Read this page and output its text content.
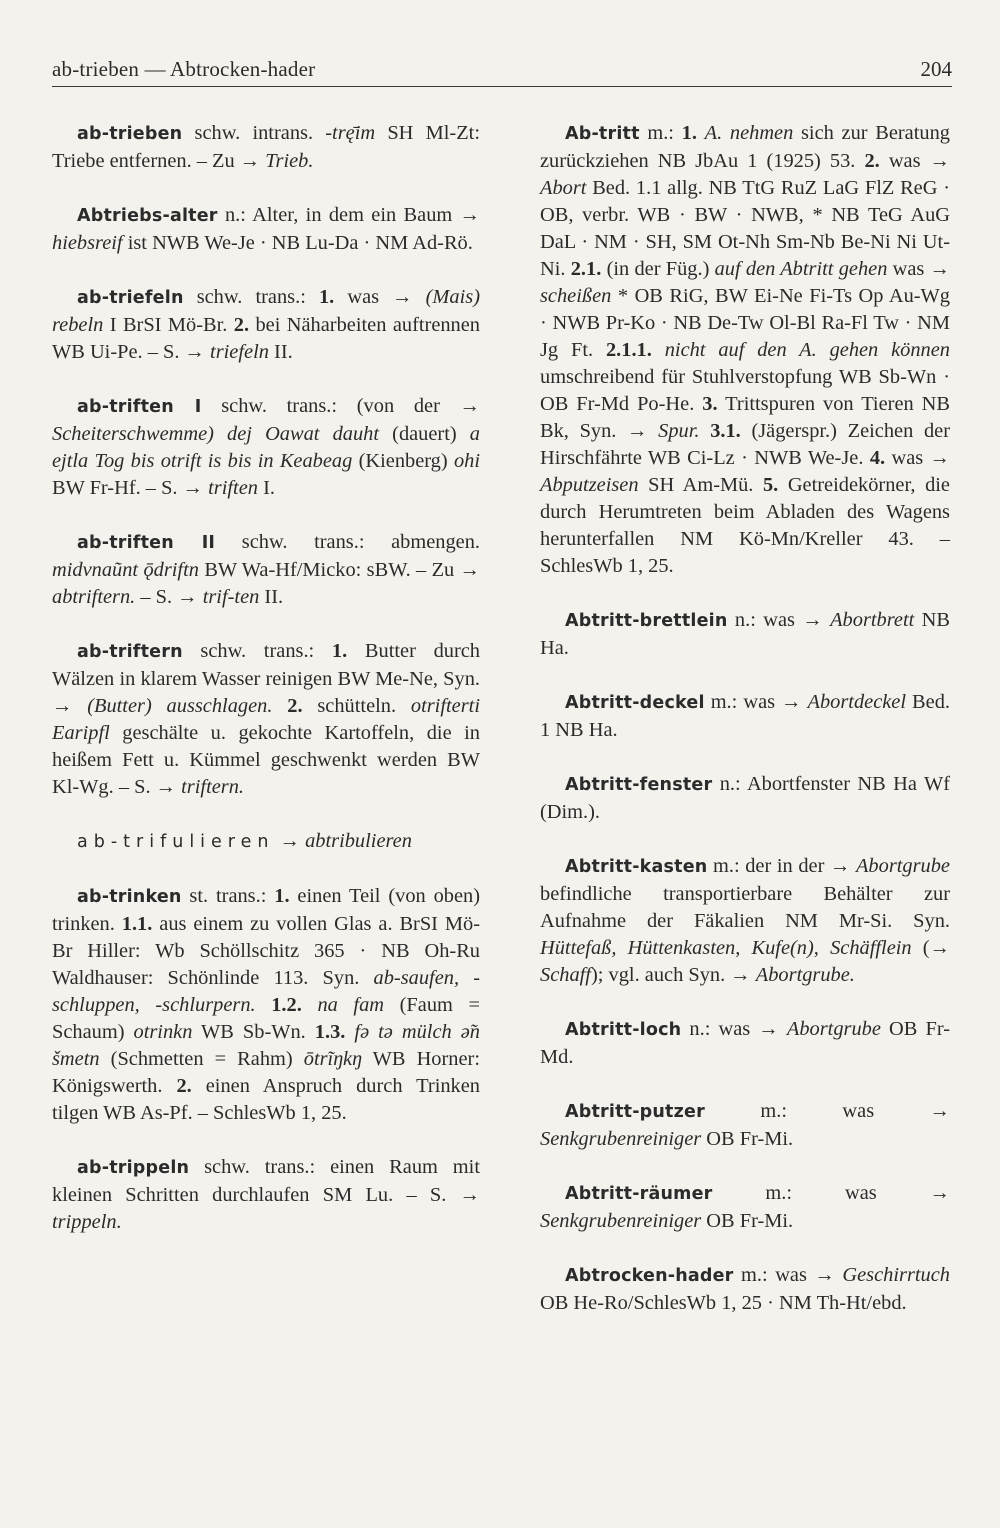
ab-trieben — Abtrocken-hader	204

ab-trieben schw. intrans. -trę̄im SH Ml-Zt: Triebe entfernen. – Zu → Trieb.

Abtriebs-alter n.: Alter, in dem ein Baum → hiebsreif ist NWB We-Je · NB Lu-Da · NM Ad-Rö.

ab-triefeln schw. trans.: 1. was → (Mais) rebeln I BrSI Mö-Br. 2. bei Näharbeiten auftrennen WB Ui-Pe. – S. → triefeln II.

ab-triften I schw. trans.: (von der → Scheiterschwemme) dej Oawat dauht (dauert) a ejtla Tog bis otrift is bis in Keabeag (Kienberg) ohi BW Fr-Hf. – S. → triften I.

ab-triften II schw. trans.: abmengen. midvnaũnt ǭdriftn BW Wa-Hf/Micko: sBW. – Zu → abtriftern. – S. → trif-ten II.

ab-triftern schw. trans.: 1. Butter durch Wälzen in klarem Wasser reinigen BW Me-Ne, Syn. → (Butter) ausschlagen. 2. schütteln. otrifterti Earipfl geschälte u. gekochte Kartoffeln, die in heißem Fett u. Kümmel geschwenkt werden BW Kl-Wg. – S. → triftern.

ab-trifulieren → abtribulieren

ab-trinken st. trans.: 1. einen Teil (von oben) trinken. 1.1. aus einem zu vollen Glas a. BrSI Mö-Br Hiller: Wb Schöllschitz 365 · NB Oh-Ru Waldhauser: Schönlinde 113. Syn. ab-saufen, -schluppen, -schlurpern. 1.2. na fam (Faum = Schaum) otrinkn WB Sb-Wn. 1.3. fə tə mülch ə̃n šmetn (Schmetten = Rahm) ōtrĩŋkŋ WB Horner: Königswerth. 2. einen Anspruch durch Trinken tilgen WB As-Pf. – SchlesWb 1, 25.

ab-trippeln schw. trans.: einen Raum mit kleinen Schritten durchlaufen SM Lu. – S. → trippeln.

Ab-tritt m.: 1. A. nehmen sich zur Beratung zurückziehen NB JbAu 1 (1925) 53. 2. was → Abort Bed. 1.1 allg. NB TtG RuZ LaG FlZ ReG · OB, verbr. WB · BW · NWB, * NB TeG AuG DaL · NM · SH, SM Ot-Nh Sm-Nb Be-Ni Ni Ut-Ni. 2.1. (in der Füg.) auf den Abtritt gehen was → scheißen * OB RiG, BW Ei-Ne Fi-Ts Op Au-Wg · NWB Pr-Ko · NB De-Tw Ol-Bl Ra-Fl Tw · NM Jg Ft. 2.1.1. nicht auf den A. gehen können umschreibend für Stuhlverstopfung WB Sb-Wn · OB Fr-Md Po-He. 3. Trittspuren von Tieren NB Bk, Syn. → Spur. 3.1. (Jägerspr.) Zeichen der Hirschfährte WB Ci-Lz · NWB We-Je. 4. was → Abputzeisen SH Am-Mü. 5. Getreidekörner, die durch Herumtreten beim Abladen des Wagens herunterfallen NM Kö-Mn/Kreller 43. – SchlesWb 1, 25.

Abtritt-brettlein n.: was → Abortbrett NB Ha.

Abtritt-deckel m.: was → Abortdeckel Bed. 1 NB Ha.

Abtritt-fenster n.: Abortfenster NB Ha Wf (Dim.).

Abtritt-kasten m.: der in der → Abortgrube befindliche transportierbare Behälter zur Aufnahme der Fäkalien NM Mr-Si. Syn. Hüttefaß, Hüttenkasten, Kufe(n), Schäfflein (→ Schaff); vgl. auch Syn. → Abortgrube.

Abtritt-loch n.: was → Abortgrube OB Fr-Md.

Abtritt-putzer m.: was → Senkgrubenreiniger OB Fr-Mi.

Abtritt-räumer m.: was → Senkgrubenreiniger OB Fr-Mi.

Abtrocken-hader m.: was → Geschirrtuch OB He-Ro/SchlesWb 1, 25 · NM Th-Ht/ebd.
